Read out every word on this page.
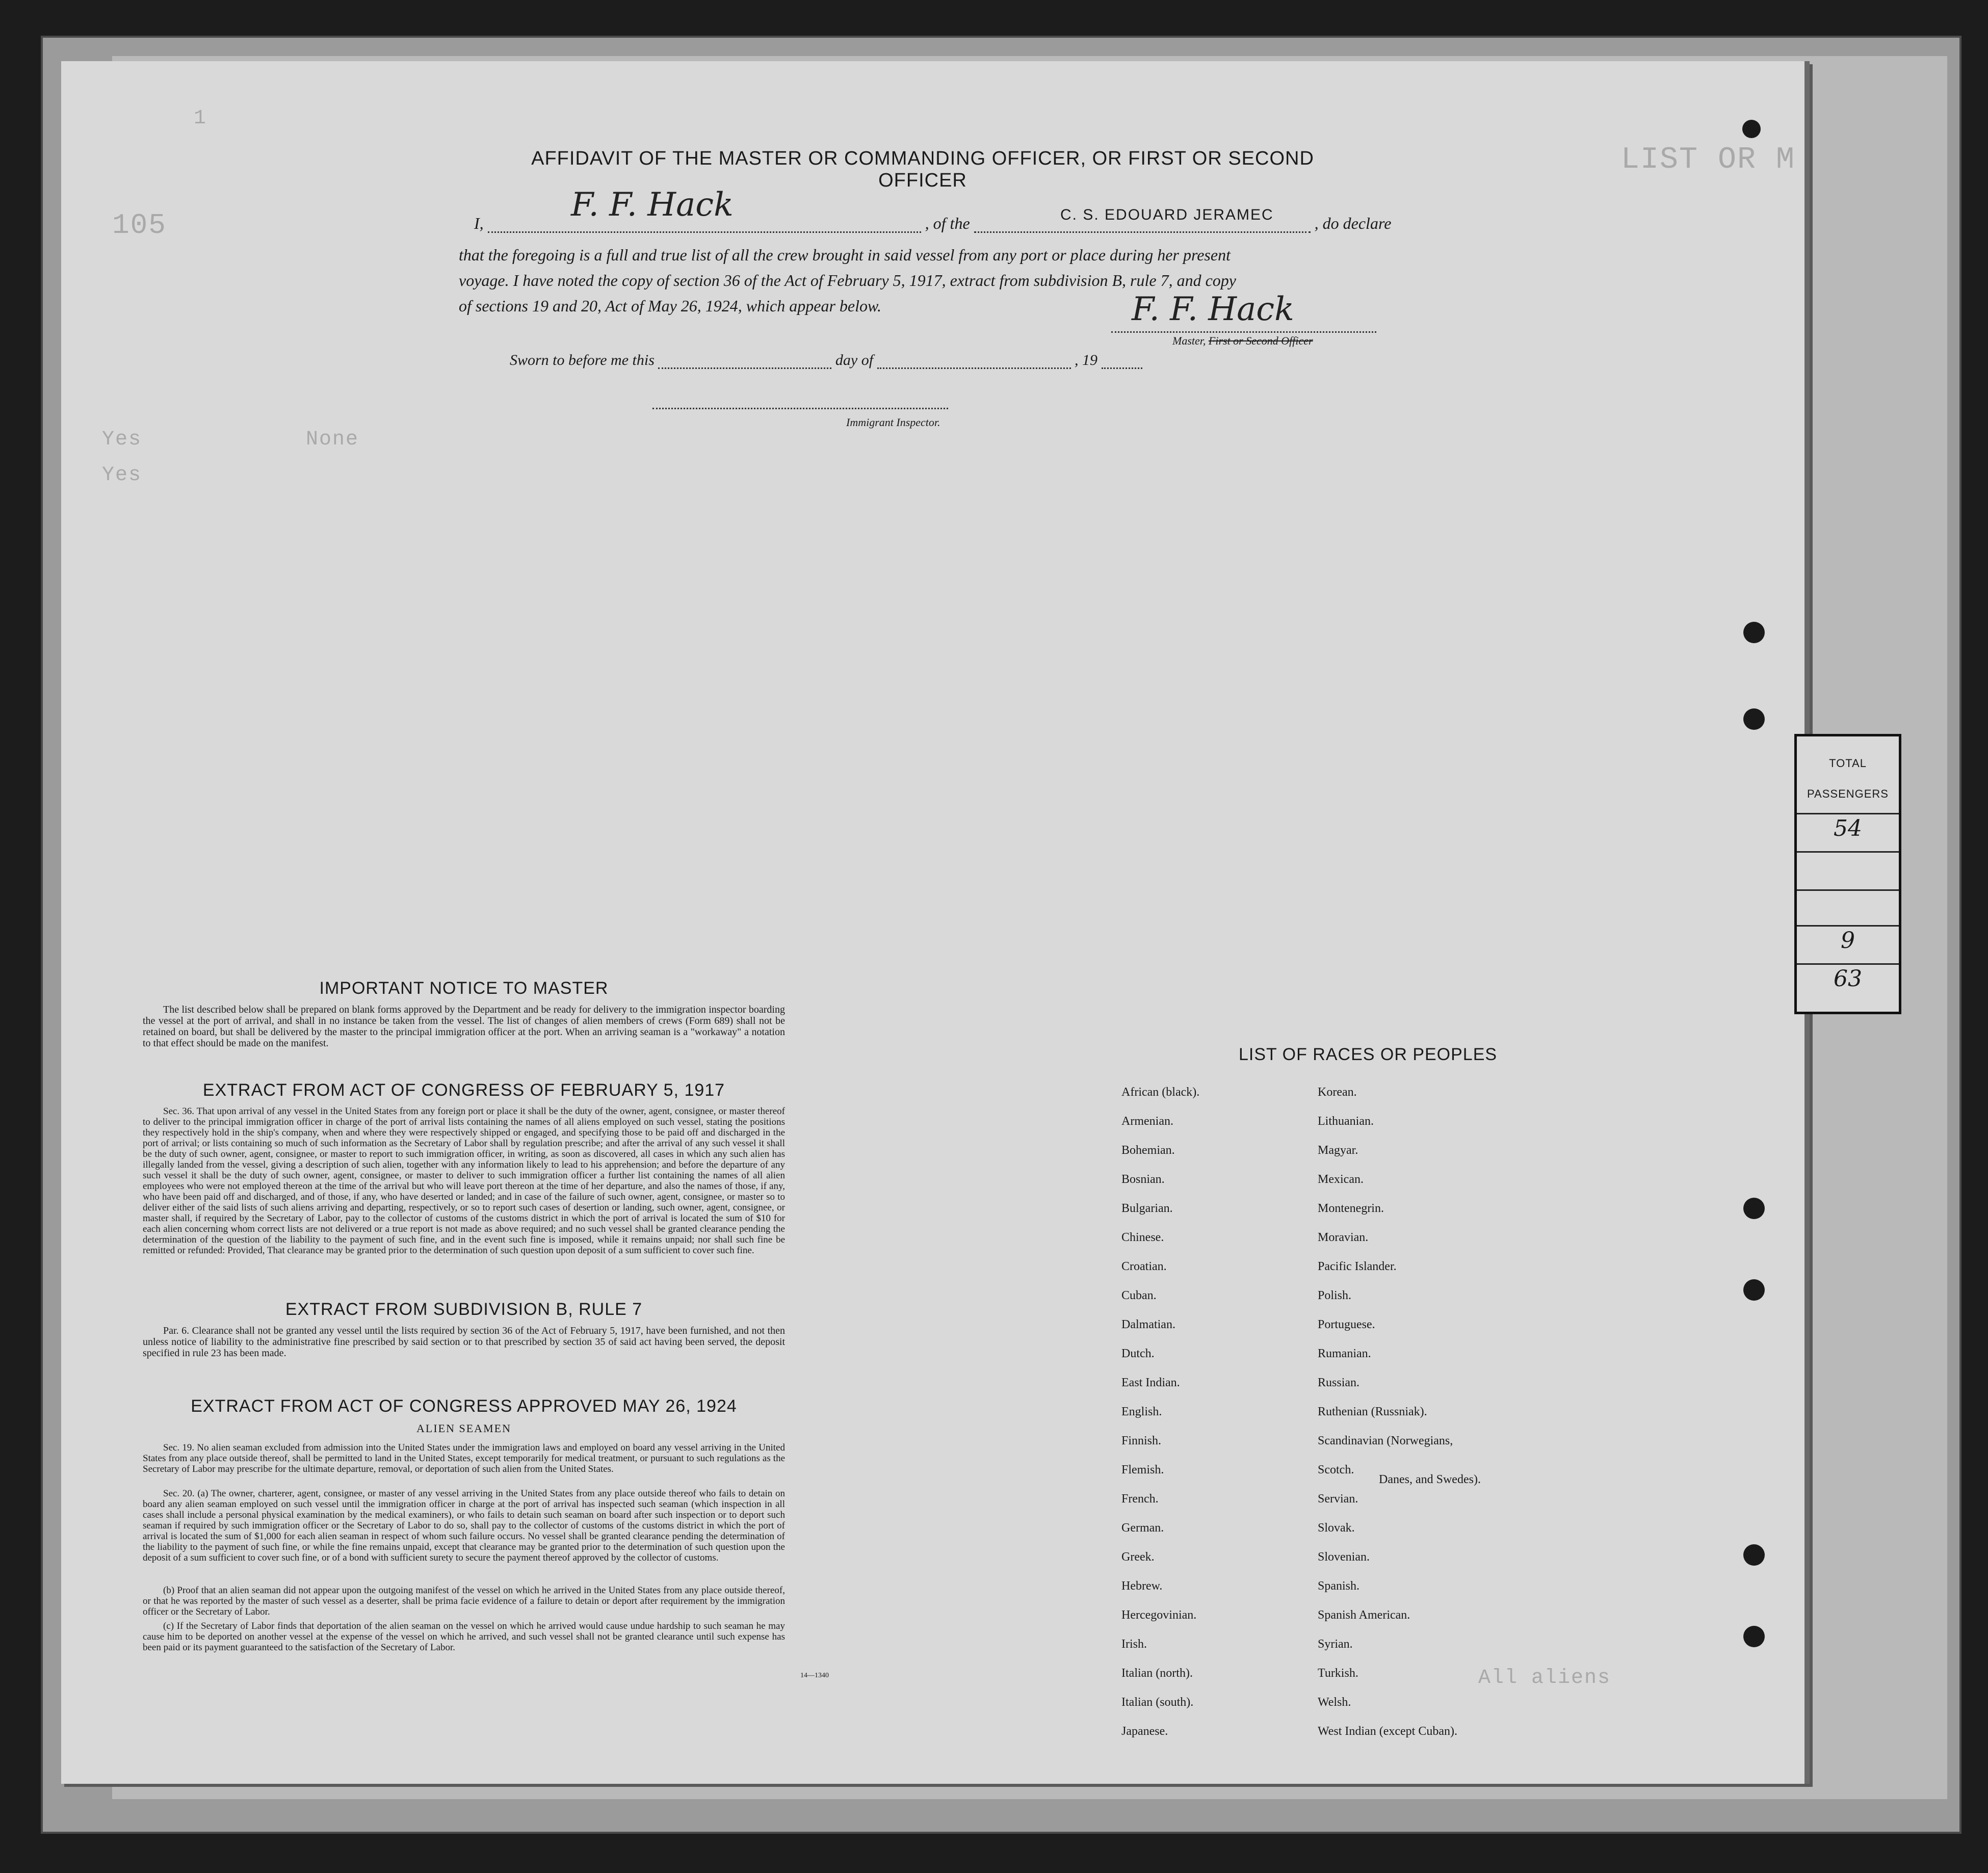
LIST OR M
1
105
Yes
Yes
None
All aliens
AFFIDAVIT OF THE MASTER OR COMMANDING OFFICER, OR FIRST OR SECOND OFFICER
I,	, of the	, do declare
F. F. Hack	C. S. EDOUARD JERAMEC
that the foregoing is a full and true list of all the crew brought in said vessel from any port or place during her present
voyage. I have noted the copy of section 36 of the Act of February 5, 1917, extract from subdivision B, rule 7, and copy
of sections 19 and 20, Act of May 26, 1924, which appear below.	F. F. Hack
Master, First or Second Officer
Sworn to before me this	day of	, 19
Immigrant Inspector.
IMPORTANT NOTICE TO MASTER

The list described below shall be prepared on blank forms approved by the Department and be ready for delivery to the immigration inspector boarding the vessel at the port of arrival, and shall in no instance be taken from the vessel. The list of changes of alien members of crews (Form 689) shall not be retained on board, but shall be delivered by the master to the principal immigration officer at the port. When an arriving seaman is a "workaway" a notation to that effect should be made on the manifest.

EXTRACT FROM ACT OF CONGRESS OF FEBRUARY 5, 1917

Sec. 36. That upon arrival of any vessel in the United States from any foreign port or place it shall be the duty of the owner, agent, consignee, or master thereof to deliver to the principal immigration officer in charge of the port of arrival lists containing the names of all aliens employed on such vessel, stating the positions they respectively hold in the ship's company, when and where they were respectively shipped or engaged, and specifying those to be paid off and discharged in the port of arrival; or lists containing so much of such information as the Secretary of Labor shall by regulation prescribe; and after the arrival of any such vessel it shall be the duty of such owner, agent, consignee, or master to report to such immigration officer, in writing, as soon as discovered, all cases in which any such alien has illegally landed from the vessel, giving a description of such alien, together with any information likely to lead to his apprehension; and before the departure of any such vessel it shall be the duty of such owner, agent, consignee, or master to deliver to such immigration officer a further list containing the names of all alien employees who were not employed thereon at the time of the arrival but who will leave port thereon at the time of her departure, and also the names of those, if any, who have been paid off and discharged, and of those, if any, who have deserted or landed; and in case of the failure of such owner, agent, consignee, or master so to deliver either of the said lists of such aliens arriving and departing, respectively, or so to report such cases of desertion or landing, such owner, agent, consignee, or master shall, if required by the Secretary of Labor, pay to the collector of customs of the customs district in which the port of arrival is located the sum of $10 for each alien concerning whom correct lists are not delivered or a true report is not made as above required; and no such vessel shall be granted clearance pending the determination of the question of the liability to the payment of such fine, and in the event such fine is imposed, while it remains unpaid; nor shall such fine be remitted or refunded: Provided, That clearance may be granted prior to the determination of such question upon deposit of a sum sufficient to cover such fine.

EXTRACT FROM SUBDIVISION B, RULE 7

Par. 6. Clearance shall not be granted any vessel until the lists required by section 36 of the Act of February 5, 1917, have been furnished, and not then unless notice of liability to the administrative fine prescribed by said section or to that prescribed by section 35 of said act having been served, the deposit specified in rule 23 has been made.

EXTRACT FROM ACT OF CONGRESS APPROVED MAY 26, 1924
ALIEN SEAMEN

Sec. 19. No alien seaman excluded from admission into the United States under the immigration laws and employed on board any vessel arriving in the United States from any place outside thereof, shall be permitted to land in the United States, except temporarily for medical treatment, or pursuant to such regulations as the Secretary of Labor may prescribe for the ultimate departure, removal, or deportation of such alien from the United States.

Sec. 20. (a) The owner, charterer, agent, consignee, or master of any vessel arriving in the United States from any place outside thereof who fails to detain on board any alien seaman employed on such vessel until the immigration officer in charge at the port of arrival has inspected such seaman (which inspection in all cases shall include a personal physical examination by the medical examiners), or who fails to detain such seaman on board after such inspection or to deport such seaman if required by such immigration officer or the Secretary of Labor to do so, shall pay to the collector of customs of the customs district in which the port of arrival is located the sum of $1,000 for each alien seaman in respect of whom such failure occurs. No vessel shall be granted clearance pending the determination of the liability to the payment of such fine, or while the fine remains unpaid, except that clearance may be granted prior to the determination of such question upon the deposit of a sum sufficient to cover such fine, or of a bond with sufficient surety to secure the payment thereof approved by the collector of customs.

(b) Proof that an alien seaman did not appear upon the outgoing manifest of the vessel on which he arrived in the United States from any place outside thereof, or that he was reported by the master of such vessel as a deserter, shall be prima facie evidence of a failure to detain or deport after requirement by the immigration officer or the Secretary of Labor.

(c) If the Secretary of Labor finds that deportation of the alien seaman on the vessel on which he arrived would cause undue hardship to such seaman he may cause him to be deported on another vessel at the expense of the vessel on which he arrived, and such vessel shall not be granted clearance until such expense has been paid or its payment guaranteed to the satisfaction of the Secretary of Labor.

14—1340
LIST OF RACES OR PEOPLES
African (black).
Armenian.
Bohemian.
Bosnian.
Bulgarian.
Chinese.
Croatian.
Cuban.
Dalmatian.
Dutch.
East Indian.
English.
Finnish.
Flemish.
French.
German.
Greek.
Hebrew.
Hercegovinian.
Irish.
Italian (north).
Italian (south).
Japanese.
Korean.
Lithuanian.
Magyar.
Mexican.
Montenegrin.
Moravian.
Pacific Islander.
Polish.
Portuguese.
Rumanian.
Russian.
Ruthenian (Russniak).
Scandinavian (Norwegians,
Scotch.
Servian.
Slovak.
Slovenian.
Spanish.
Spanish American.
Syrian.
Turkish.
Welsh.
West Indian (except Cuban).
Danes, and Swedes).
TOTAL
PASSENGERS
54
9
63
